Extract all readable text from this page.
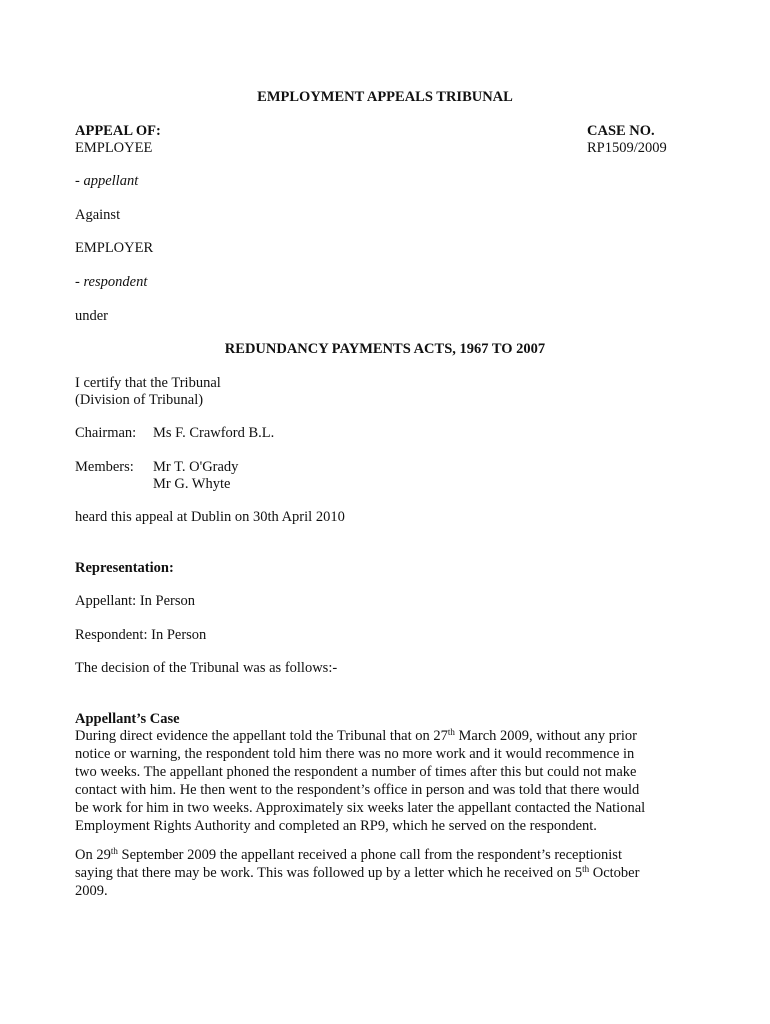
EMPLOYMENT APPEALS TRIBUNAL
APPEAL OF:
EMPLOYEE
CASE NO.
RP1509/2009
- appellant
Against
EMPLOYER
- respondent
under
REDUNDANCY PAYMENTS ACTS, 1967 TO 2007
I certify that the Tribunal
(Division of Tribunal)
Chairman: Ms F. Crawford B.L.
Members: Mr T. O'Grady
Mr G. Whyte
heard this appeal at Dublin on 30th April 2010
Representation:
Appellant: In Person
Respondent: In Person
The decision of the Tribunal was as follows:-
Appellant’s Case
During direct evidence the appellant told the Tribunal that on 27th March 2009, without any prior
notice or warning, the respondent told him there was no more work and it would recommence in
two weeks. The appellant phoned the respondent a number of times after this but could not make
contact with him. He then went to the respondent’s office in person and was told that there would
be work for him in two weeks. Approximately six weeks later the appellant contacted the National
Employment Rights Authority and completed an RP9, which he served on the respondent.
On 29th September 2009 the appellant received a phone call from the respondent’s receptionist
saying that there may be work. This was followed up by a letter which he received on 5th October
2009.
